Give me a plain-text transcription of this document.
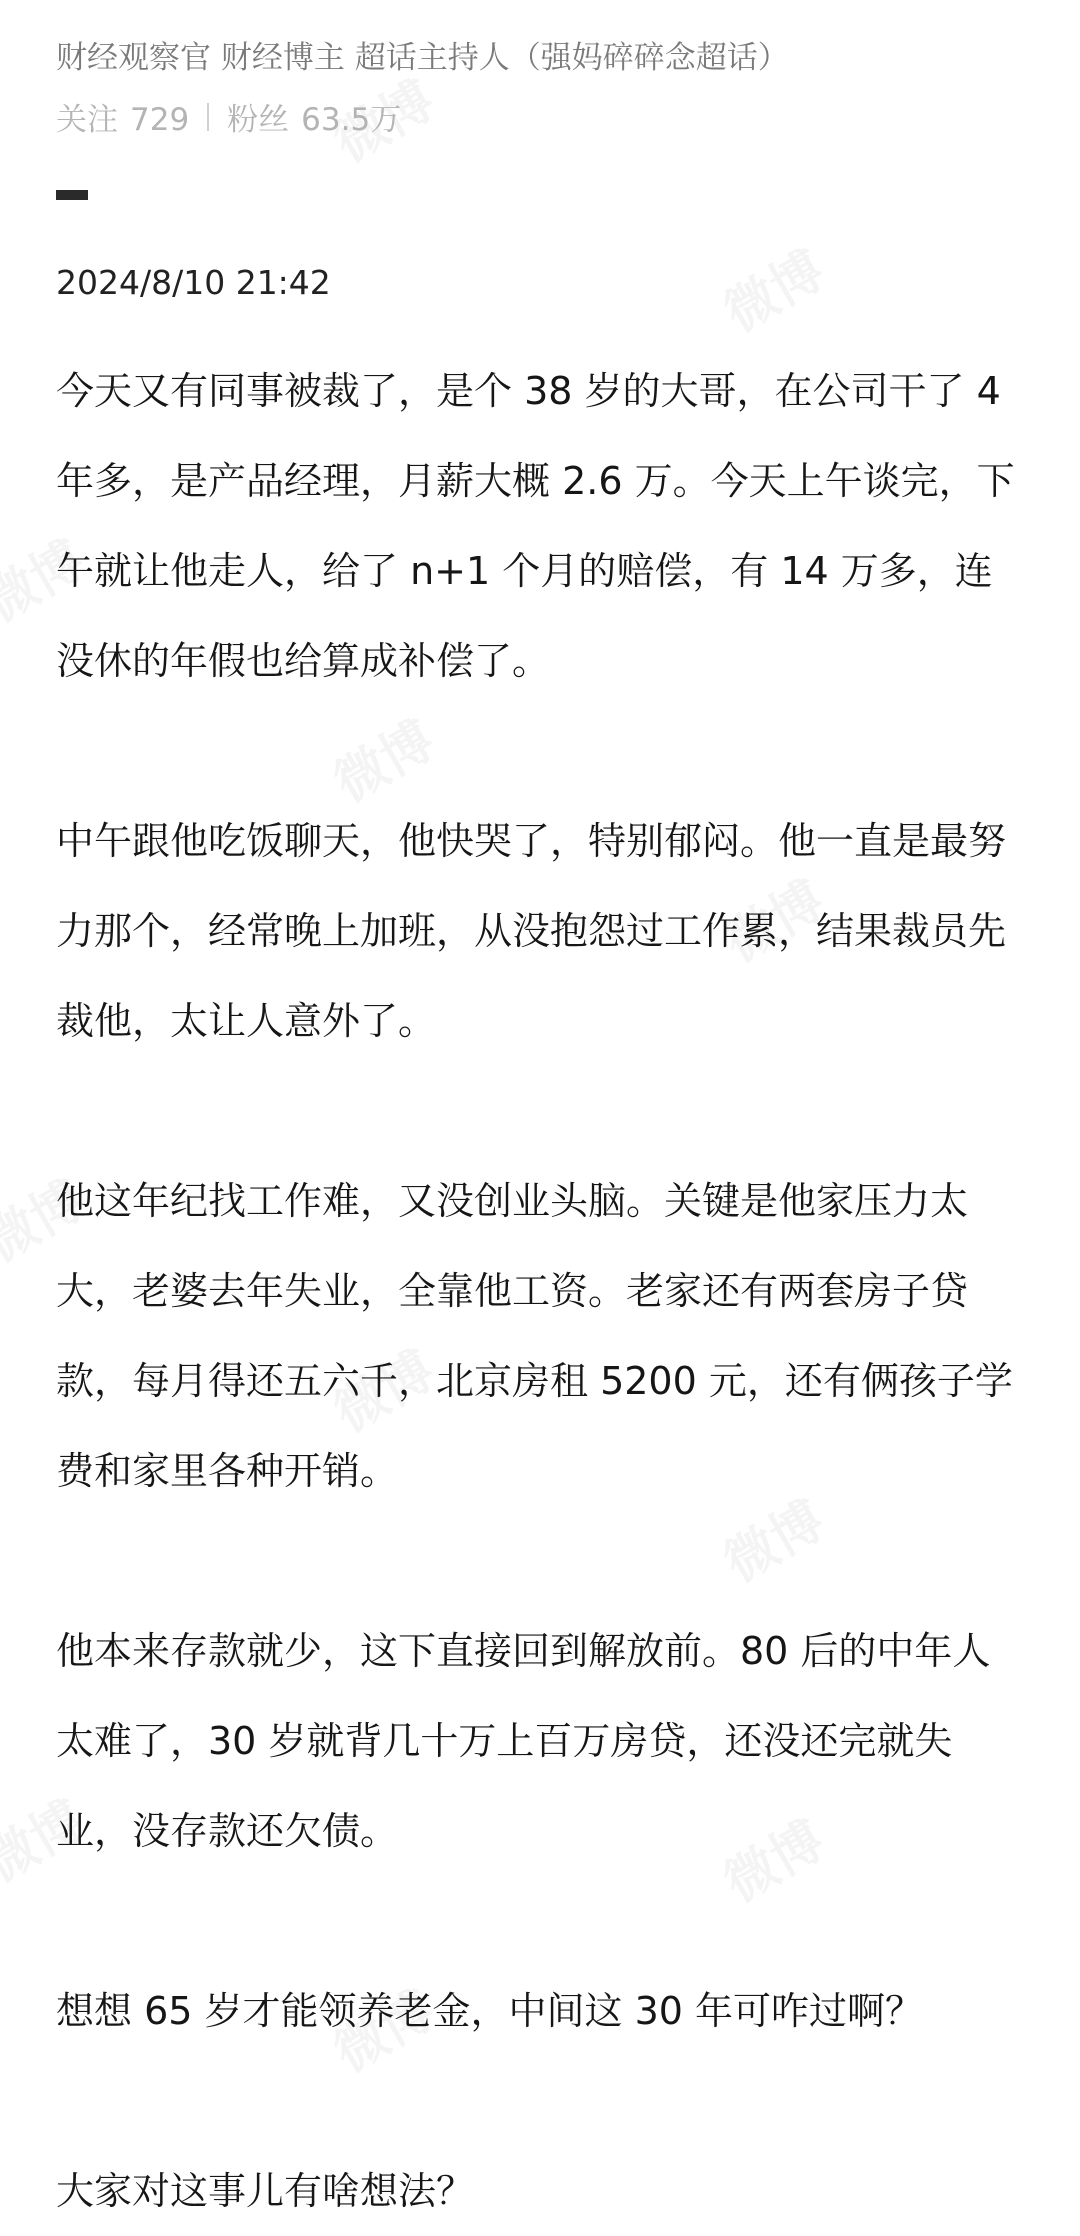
财经观察官 财经博主 超话主持人（强妈碎碎念超话）
关注 729 粉丝 63.5万
2024/8/10 21:42

今天又有同事被裁了，是个 38 岁的大哥，在公司干了 4 年多，是产品经理，月薪大概 2.6 万。今天上午谈完，下午就让他走人，给了 n+1 个月的赔偿，有 14 万多，连没休的年假也给算成补偿了。

中午跟他吃饭聊天，他快哭了，特别郁闷。他一直是最努力那个，经常晚上加班，从没抱怨过工作累，结果裁员先裁他，太让人意外了。

他这年纪找工作难，又没创业头脑。关键是他家压力太大，老婆去年失业，全靠他工资。老家还有两套房子贷款，每月得还五六千，北京房租 5200 元，还有俩孩子学费和家里各种开销。

他本来存款就少，这下直接回到解放前。80 后的中年人太难了，30 岁就背几十万上百万房贷，还没还完就失业，没存款还欠债。

想想 65 岁才能领养老金，中间这 30 年可咋过啊？

大家对这事儿有啥想法？
